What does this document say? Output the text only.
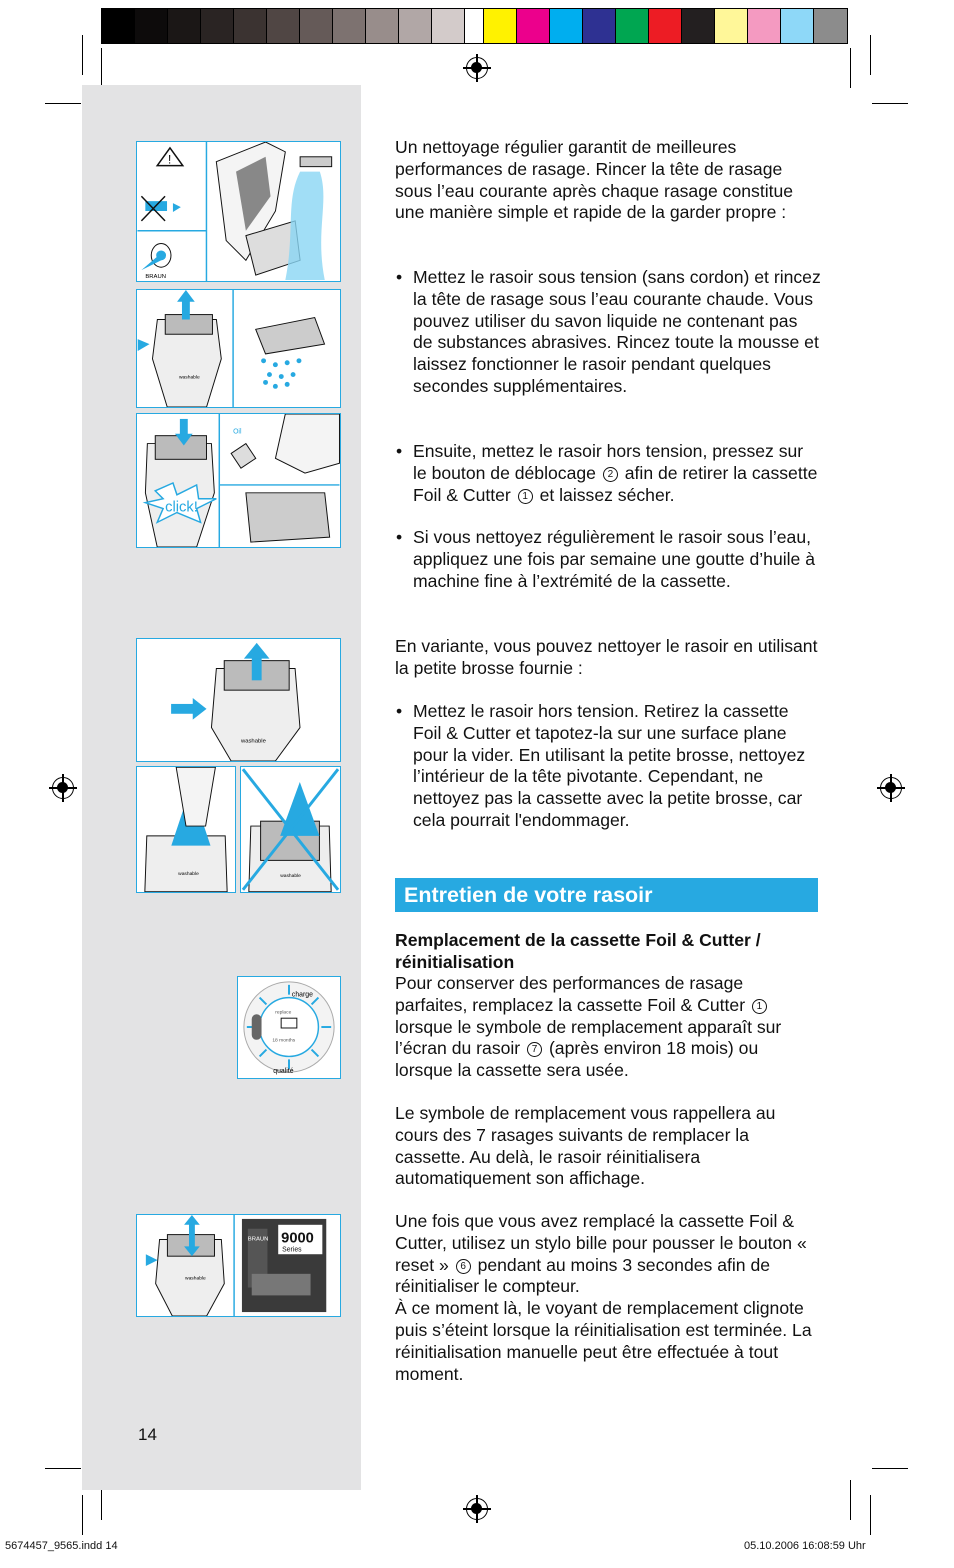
!
BRAUN
washable
click!
Oil
washable
washable	washable
charge
replace
18 months
qualité
washable
BRAUN 9000
Series
Un nettoyage régulier garantit de meilleures performances de rasage. Rincer la tête de rasage sous l’eau courante après chaque rasage constitue une manière simple et rapide de la garder propre :
• Mettez le rasoir sous tension (sans cordon) et rincez la tête de rasage sous l’eau courante chaude. Vous pouvez utiliser du savon liquide ne contenant pas de substances abrasives. Rincez toute la mousse et laissez fonctionner le rasoir pendant quelques secondes supplémentaires.
• Ensuite, mettez le rasoir hors tension, pressez sur le bouton de déblocage 2 afin de retirer la cassette Foil & Cutter 1 et laissez sécher.
• Si vous nettoyez régulièrement le rasoir sous l’eau, appliquez une fois par semaine une goutte d’huile à machine fine à l’extrémité de la cassette.
En variante, vous pouvez nettoyer le rasoir en utilisant la petite brosse fournie :
• Mettez le rasoir hors tension. Retirez la cassette Foil & Cutter et tapotez-la sur une surface plane pour la vider. En utilisant la petite brosse, nettoyez l’intérieur de la tête pivotante. Cependant, ne nettoyez pas la cassette avec la petite brosse, car cela pourrait l'endommager.
Entretien de votre rasoir
Remplacement de la cassette Foil & Cutter / réinitialisation
Pour conserver des performances de rasage parfaites, remplacez la cassette Foil & Cutter 1 lorsque le symbole de remplacement apparaît sur l’écran du rasoir 7 (après environ 18 mois) ou lorsque la cassette sera usée.
Le symbole de remplacement vous rappellera au cours des 7 rasages suivants de remplacer la cassette. Au delà, le rasoir réinitialisera automatiquement son affichage.
Une fois que vous avez remplacé la cassette Foil & Cutter, utilisez un stylo bille pour pousser le bouton « reset » 6 pendant au moins 3 secondes afin de réinitialiser le compteur.
À ce moment là, le voyant de remplacement clignote puis s’éteint lorsque la réinitialisation est terminée. La réinitialisation manuelle peut être effectuée à tout moment.
14
5674457_9565.indd 14	05.10.2006 16:08:59 Uhr
